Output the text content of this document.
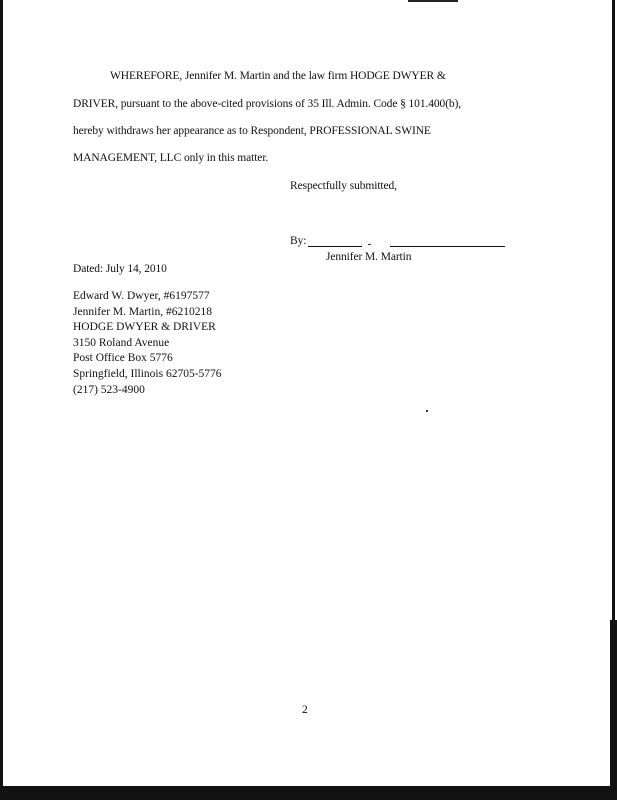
WHEREFORE, Jennifer M. Martin and the law firm HODGE DWYER &
DRIVER, pursuant to the above-cited provisions of 35 Ill. Admin. Code § 101.400(b),
hereby withdraws her appearance as to Respondent, PROFESSIONAL SWINE
MANAGEMENT, LLC only in this matter.
Respectfully submitted,
By:
Jennifer M. Martin
Dated: July 14, 2010
Edward W. Dwyer, #6197577
Jennifer M. Martin, #6210218
HODGE DWYER & DRIVER
3150 Roland Avenue
Post Office Box 5776
Springfield, Illinois 62705-5776
(217) 523-4900
2
